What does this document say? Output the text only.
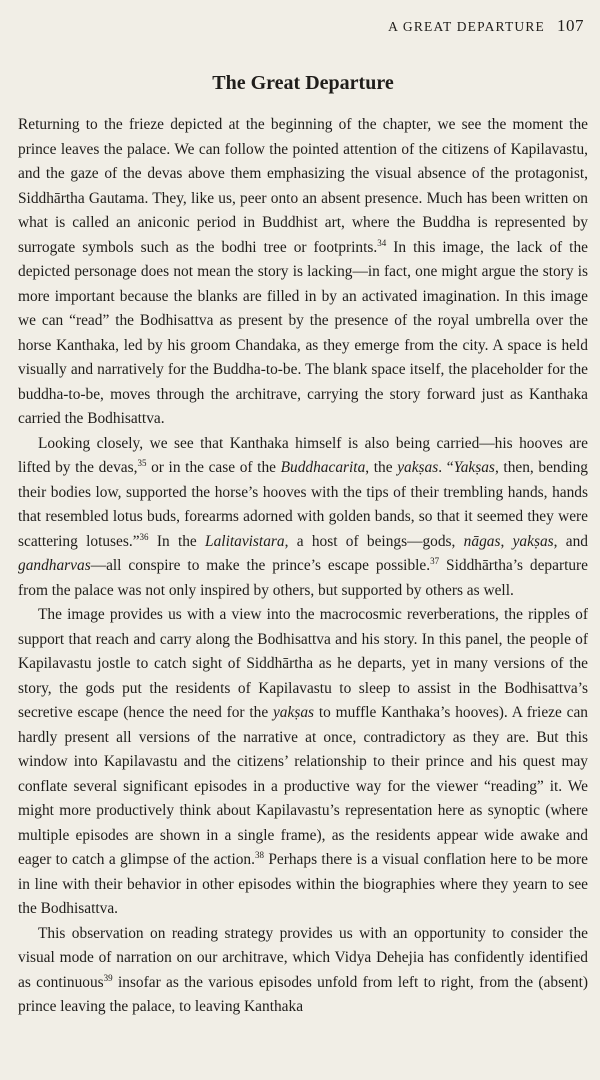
A GREAT DEPARTURE 107
The Great Departure

Returning to the frieze depicted at the beginning of the chapter, we see the moment the prince leaves the palace. We can follow the pointed attention of the citizens of Kapilavastu, and the gaze of the devas above them emphasizing the visual absence of the protagonist, Siddhārtha Gautama. They, like us, peer onto an absent presence. Much has been written on what is called an aniconic period in Buddhist art, where the Buddha is represented by surrogate symbols such as the bodhi tree or footprints.$^{34}$ In this image, the lack of the depicted personage does not mean the story is lacking—in fact, one might argue the story is more important because the blanks are filled in by an activated imagination. In this image we can “read” the Bodhisattva as present by the presence of the royal umbrella over the horse Kanthaka, led by his groom Chandaka, as they emerge from the city. A space is held visually and narratively for the Buddha-to-be. The blank space itself, the placeholder for the buddha-to-be, moves through the architrave, carrying the story forward just as Kanthaka carried the Bodhisattva.

Looking closely, we see that Kanthaka himself is also being carried—his hooves are lifted by the devas,$^{35}$ or in the case of the Buddhacarita, the yakṣas. “Yakṣas, then, bending their bodies low, supported the horse’s hooves with the tips of their trembling hands, hands that resembled lotus buds, forearms adorned with golden bands, so that it seemed they were scattering lotuses.”$^{36}$ In the Lalitavistara, a host of beings—gods, nāgas, yakṣas, and gandharvas—all conspire to make the prince’s escape possible.$^{37}$ Siddhārtha’s departure from the palace was not only inspired by others, but supported by others as well.

The image provides us with a view into the macrocosmic reverberations, the ripples of support that reach and carry along the Bodhisattva and his story. In this panel, the people of Kapilavastu jostle to catch sight of Siddhārtha as he departs, yet in many versions of the story, the gods put the residents of Kapilavastu to sleep to assist in the Bodhisattva’s secretive escape (hence the need for the yakṣas to muffle Kanthaka’s hooves). A frieze can hardly present all versions of the narrative at once, contradictory as they are. But this window into Kapilavastu and the citizens’ relationship to their prince and his quest may conflate several significant episodes in a productive way for the viewer “reading” it. We might more productively think about Kapilavastu’s representation here as synoptic (where multiple episodes are shown in a single frame), as the residents appear wide awake and eager to catch a glimpse of the action.$^{38}$ Perhaps there is a visual conflation here to be more in line with their behavior in other episodes within the biographies where they yearn to see the Bodhisattva.

This observation on reading strategy provides us with an opportunity to consider the visual mode of narration on our architrave, which Vidya Dehejia has confidently identified as continuous$^{39}$ insofar as the various episodes unfold from left to right, from the (absent) prince leaving the palace, to leaving Kanthaka
